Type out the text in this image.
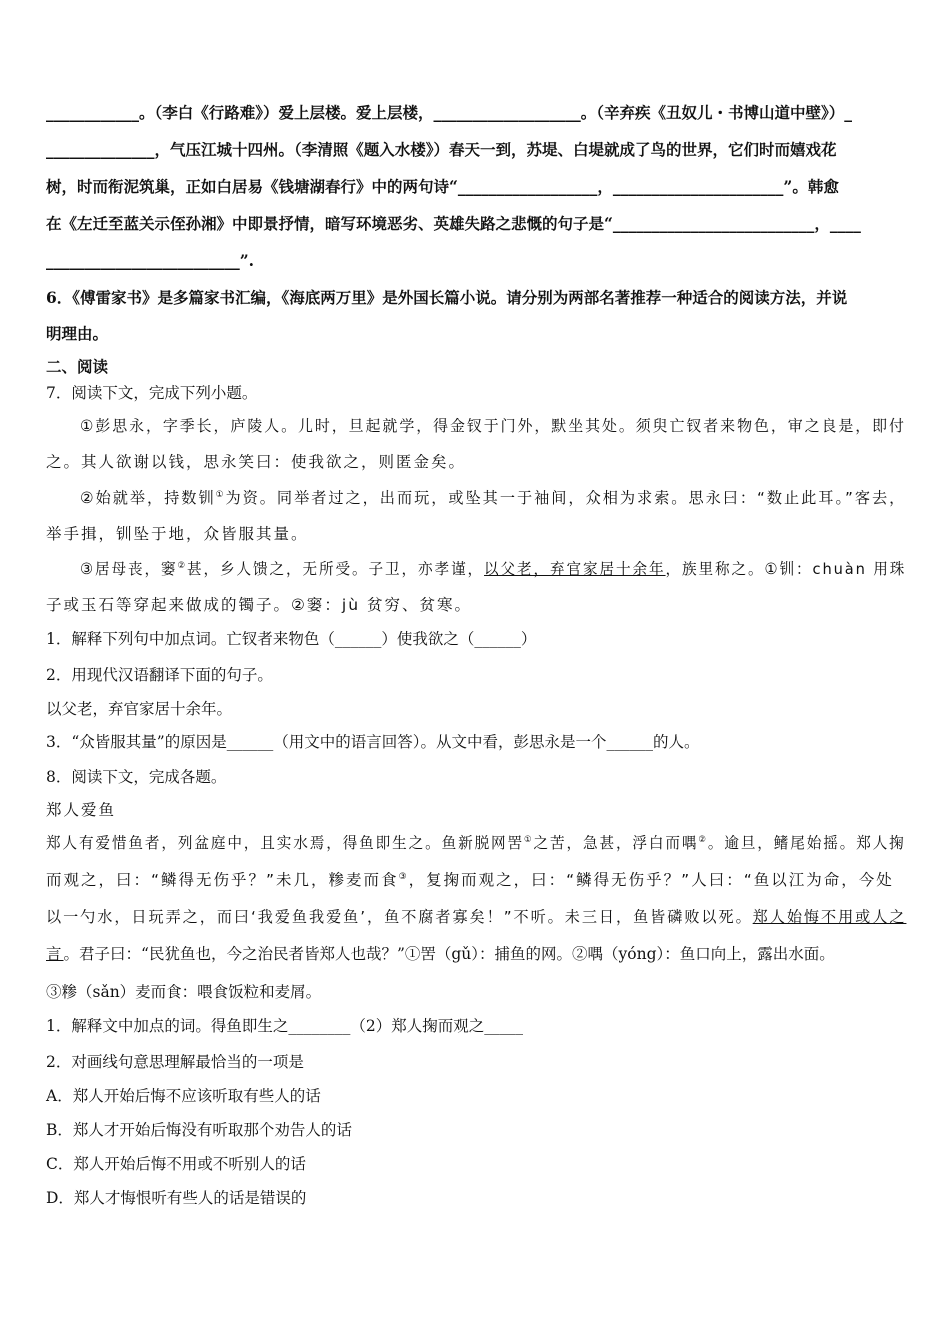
____________。（李白《行路难》）爱上层楼。爱上层楼，___________________。（辛弃疾《丑奴儿・书博山道中壁》）_
______________，气压江城十四州。（李清照《题入水楼》）春天一到，苏堤、白堤就成了鸟的世界，它们时而嬉戏花
树，时而衔泥筑巢，正如白居易《钱塘湖春行》中的两句诗“__________________，______________________”。韩愈
在《左迁至蓝关示侄孙湘》中即景抒情，暗写环境恶劣、英雄失路之悲慨的句子是“__________________________，____
_________________________”.
6．《傅雷家书》是多篇家书汇编，《海底两万里》是外国长篇小说。请分别为两部名著推荐一种适合的阅读方法，并说
明理由。
二、阅读
7．阅读下文，完成下列小题。
①彭思永，字季长，庐陵人。儿时，旦起就学，得金钗于门外，默坐其处。须臾亡钗者来物色，审之良是，即付
之。其人欲谢以钱，思永笑曰：使我欲之，则匿金矣。
②始就举，持数钏①为资。同举者过之，出而玩，或坠其一于袖间，众相为求索。思永曰：“数止此耳。”客去，
举手揖，钏坠于地，众皆服其量。
③居母丧，窭②甚，乡人馈之，无所受。子卫，亦孝谨，以父老，弃官家居十余年，族里称之。①钏：chuàn 用珠
子或玉石等穿起来做成的镯子。②窭：jù 贫穷、贫寒。
1．解释下列句中加点词。亡钗者来物色（______）使我欲之（______）
2．用现代汉语翻译下面的句子。
以父老，弃官家居十余年。
3．“众皆服其量”的原因是______（用文中的语言回答）。从文中看，彭思永是一个______的人。
8．阅读下文，完成各题。
郑人爱鱼
郑人有爱惜鱼者，列盆庭中，且实水焉，得鱼即生之。鱼新脱网罟①之苦，急甚，浮白而喁②。逾旦，鳍尾始摇。郑人掬
而观之，曰：“鳞得无伤乎？”未几，糁麦而食③，复掬而观之，曰：“鳞得无伤乎？”人曰：“鱼以江为命，今处
以一勺水，日玩弄之，而曰‘我爱鱼我爱鱼’，鱼不腐者寡矣！”不听。未三日，鱼皆磷败以死。郑人始悔不用或人之
言。君子曰：“民犹鱼也，今之治民者皆郑人也哉？”①罟（gǔ）：捕鱼的网。②喁（yóng）：鱼口向上，露出水面。
③糁（sǎn）麦而食：喂食饭粒和麦屑。
1．解释文中加点的词。得鱼即生之________（2）郑人掬而观之_____
2．对画线句意思理解最恰当的一项是
A．郑人开始后悔不应该听取有些人的话
B．郑人才开始后悔没有听取那个劝告人的话
C．郑人开始后悔不用或不听别人的话
D．郑人才悔恨听有些人的话是错误的
